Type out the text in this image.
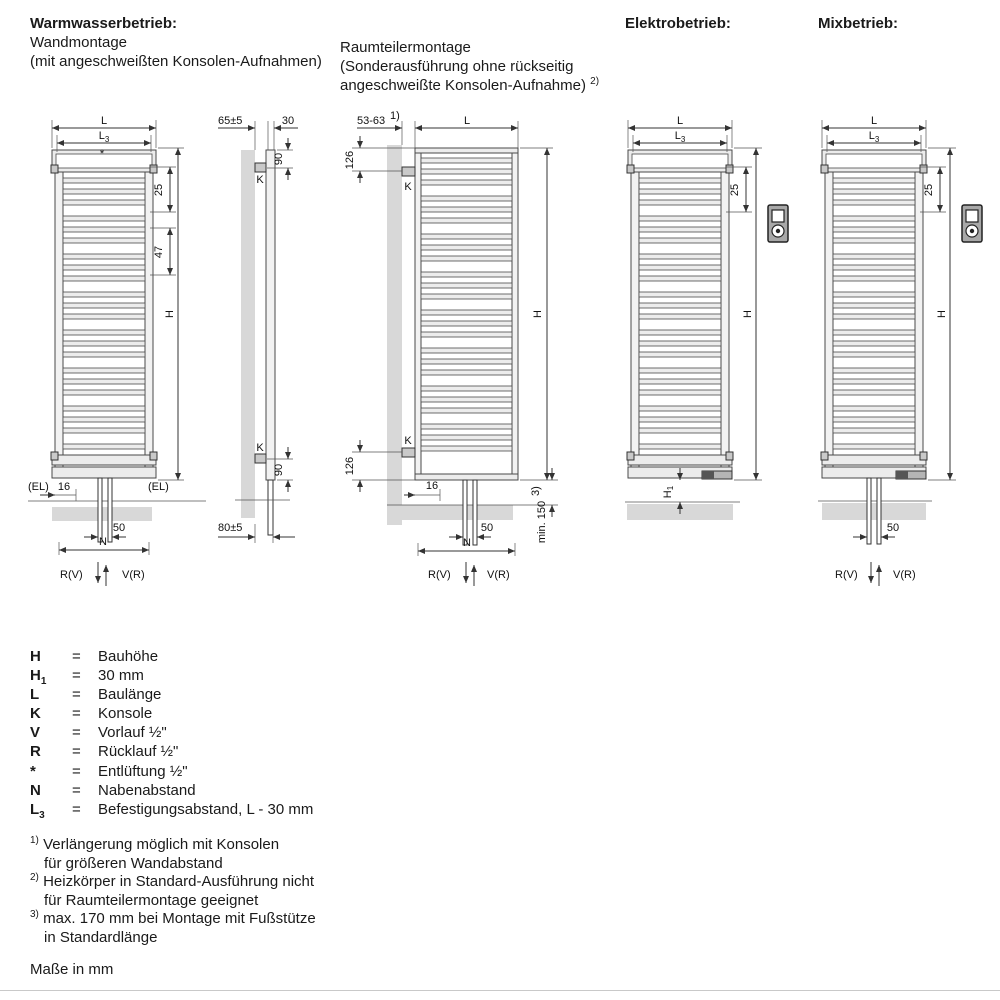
Warmwasserbetrieb:
Wandmontage
(mit angeschweißten Konsolen-Aufnahmen)
Raumteilermontage
(Sonderausführung ohne rückseitig
angeschweißte Konsolen-Aufnahme) $^{2)}$
Elektrobetrieb:	Mixbetrieb:
L
$L_3$
*
25
47
H
(EL)	(EL)
16
50
N
R(V)	V(R)
K
K
65±5	30
90
90
80±5
K
K
53-63 1)	L
126
126
H
min. 150
3)
16
50
N
R(V)	V(R)
L
$L_3$
25
H
H1
L
$L_3$
25
H
50
R(V)	V(R)
H	=	Bauhöhe
$H_1$	=	30 mm
L	=	Baulänge
K	=	Konsole
V	=	Vorlauf ½"
R	=	Rücklauf ½"
*	=	Entlüftung ½"
N	=	Nabenabstand
$L_3$	=	Befestigungsabstand, L - 30 mm
$^{1)}$ Verlängerung möglich mit Konsolen
für größeren Wandabstand
$^{2)}$ Heizkörper in Standard-Ausführung nicht
für Raumteilermontage geeignet
$^{3)}$ max. 170 mm bei Montage mit Fußstütze
in Standardlänge
Maße in mm
